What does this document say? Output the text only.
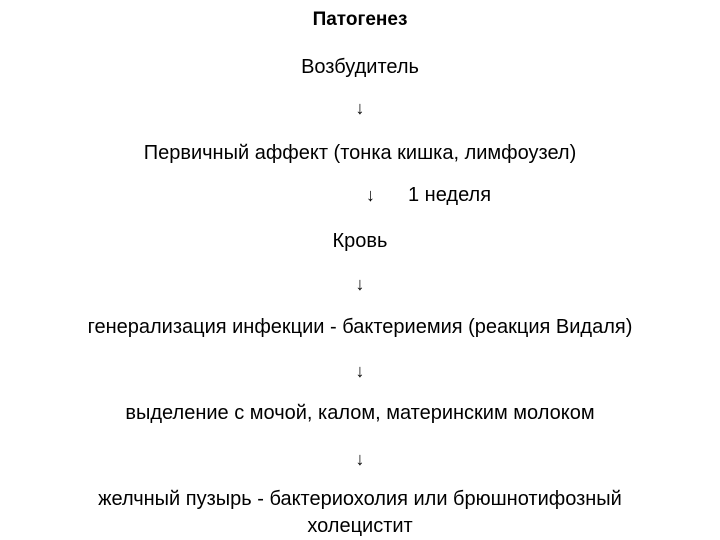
Патогенез
Возбудитель
↓
Первичный аффект (тонка кишка, лимфоузел)
↓ 1 неделя
Кровь
↓
генерализация инфекции - бактериемия (реакция Видаля)
↓
выделение с мочой, калом, материнским молоком
↓
желчный пузырь - бактериохолия или брюшнотифозный
холецистит
